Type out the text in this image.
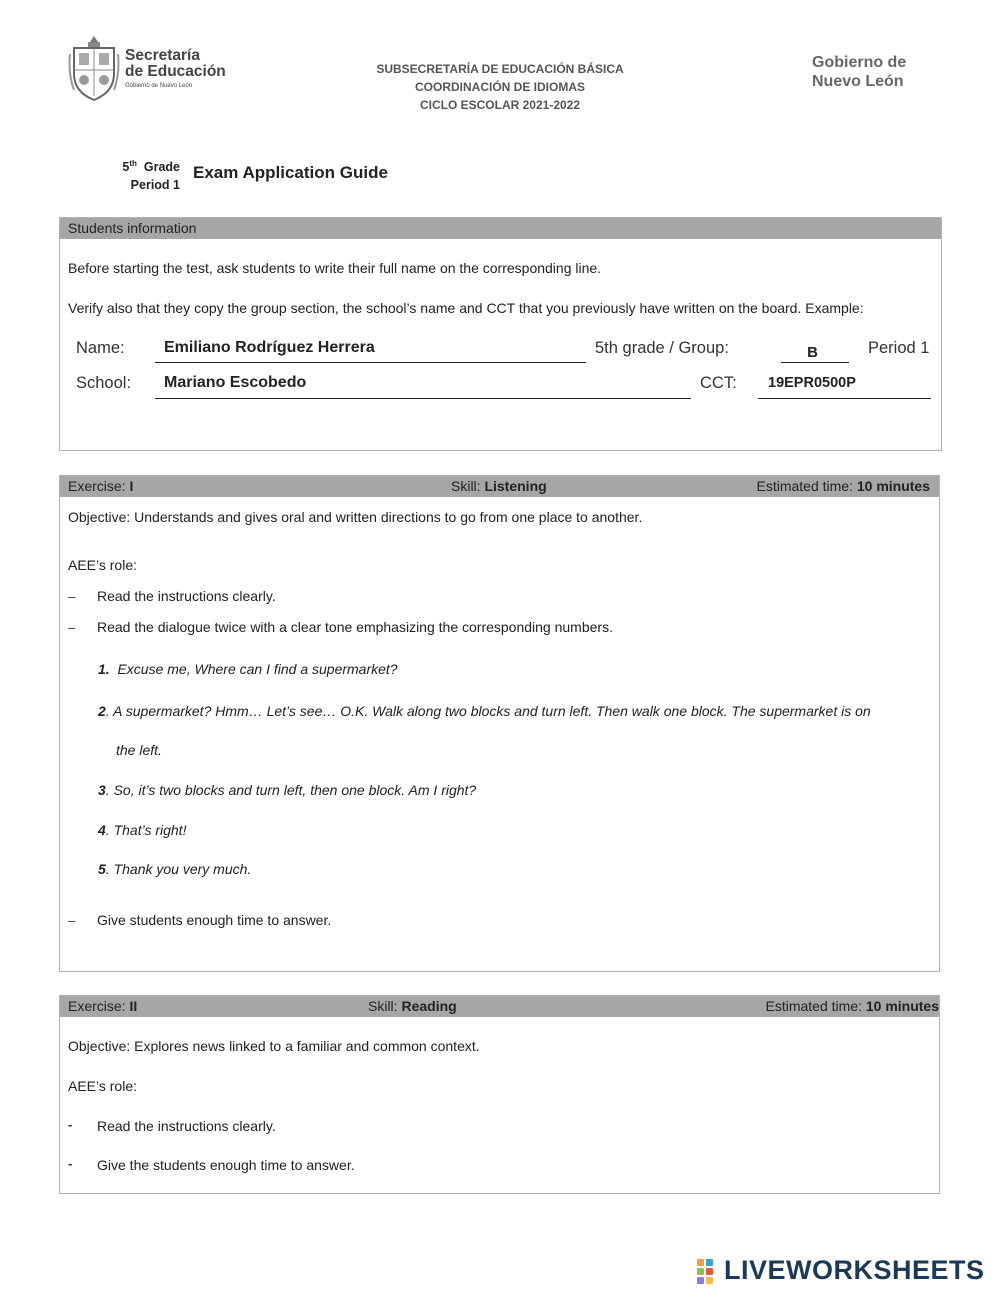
Secretaría
de Educación
Gobierno de Nuevo León
SUBSECRETARÍA DE EDUCACIÓN BÁSICA
COORDINACIÓN DE IDIOMAS
CICLO ESCOLAR 2021-2022
Gobierno de
Nuevo León
5th Grade
Period 1
Exam Application Guide
Students information
Before starting the test, ask students to write their full name on the corresponding line.
Verify also that they copy the group section, the school’s name and CCT that you previously have written on the board. Example:
Name: Emiliano Rodríguez Herrera	5th grade / Group:	B	Period 1
School: Mariano Escobedo	CCT: 19EPR0500P
Exercise: I	Skill: Listening	Estimated time: 10 minutes
Objective: Understands and gives oral and written directions to go from one place to another.
AEE’s role:
– Read the instructions clearly.
– Read the dialogue twice with a clear tone emphasizing the corresponding numbers.
1. Excuse me, Where can I find a supermarket?
2. A supermarket? Hmm… Let’s see… O.K. Walk along two blocks and turn left. Then walk one block. The supermarket is on
the left.
3. So, it’s two blocks and turn left, then one block. Am I right?
4. That’s right!
5. Thank you very much.
– Give students enough time to answer.
Exercise: II	Skill: Reading	Estimated time: 10 minutes
Objective: Explores news linked to a familiar and common context.
AEE’s role:
- Read the instructions clearly.
- Give the students enough time to answer.
LIVEWORKSHEETS
